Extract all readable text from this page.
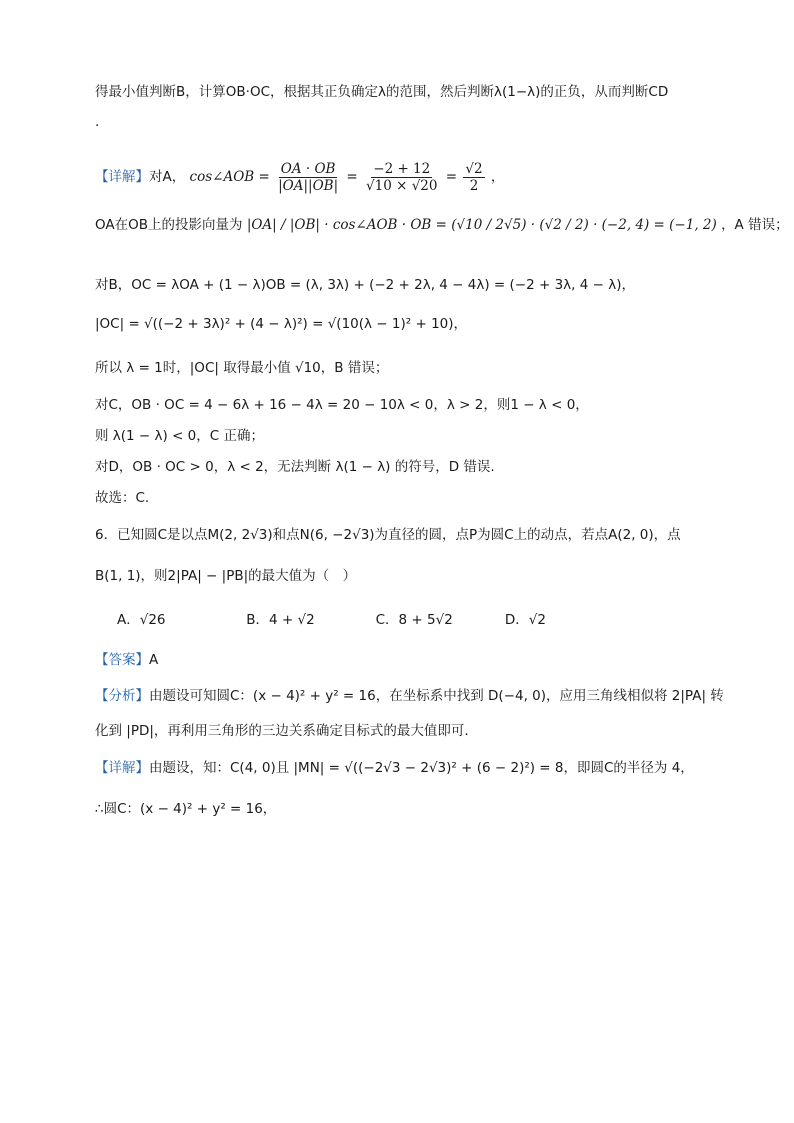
得最小值判断B，计算OB·OC，根据其正负确定λ的范围，然后判断λ(1−λ)的正负，从而判断CD
.
【详解】对A， cos∠AOB = $\frac{OA \cdot OB}{|OA||OB|} = \frac{-2 + 12}{√10 \times √20} = \frac{√2}{2}$ ，
OA在OB上的投影向量为 |OA| / |OB| · cos∠AOB · OB = (√10 / 2√5) · (√2 / 2) · (−2, 4) = (−1, 2) ，A 错误；
对B，OC = λOA + (1 − λ)OB = (λ, 3λ) + (−2 + 2λ, 4 − 4λ) = (−2 + 3λ, 4 − λ)，
|OC| = √((−2 + 3λ)² + (4 − λ)²) = √(10(λ − 1)² + 10)，
所以 λ = 1时，|OC| 取得最小值 √10，B 错误；
对C，OB · OC = 4 − 6λ + 16 − 4λ = 20 − 10λ < 0，λ > 2，则1 − λ < 0，
则 λ(1 − λ) < 0，C 正确；
对D，OB · OC > 0，λ < 2，无法判断 λ(1 − λ) 的符号，D 错误.
故选：C.
6．已知圆C是以点M(2, 2√3)和点N(6, −2√3)为直径的圆，点P为圆C上的动点，若点A(2, 0)，点
B(1, 1)，则2|PA| − |PB|的最大值为（　）
A．√26	B．4 + √2	C．8 + 5√2	D．√2
【答案】A
【分析】由题设可知圆C：(x − 4)² + y² = 16，在坐标系中找到 D(−4, 0)，应用三角线相似将 2|PA| 转
化到 |PD|，再利用三角形的三边关系确定目标式的最大值即可.
【详解】由题设，知：C(4, 0)且 |MN| = √((−2√3 − 2√3)² + (6 − 2)²) = 8，即圆C的半径为 4，
∴圆C：(x − 4)² + y² = 16，
